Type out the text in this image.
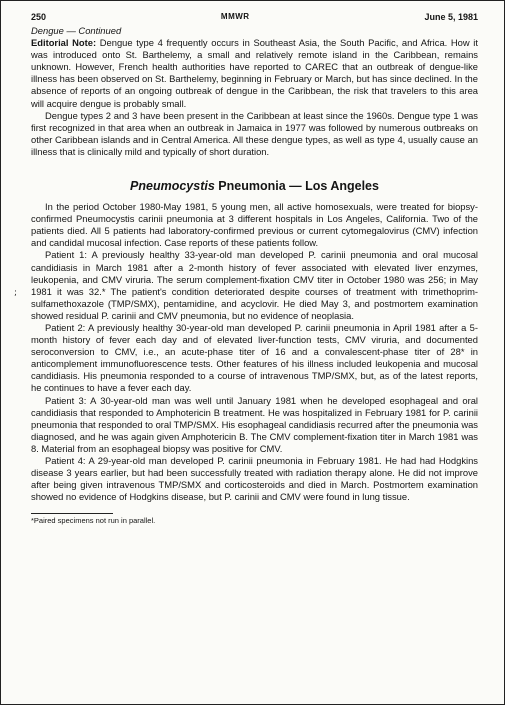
;
250	MMWR	June 5, 1981
Dengue — Continued

Editorial Note: Dengue type 4 frequently occurs in Southeast Asia, the South Pacific, and Africa. How it was introduced onto St. Barthelemy, a small and relatively remote island in the Caribbean, remains unknown. However, French health authorities have reported to CAREC that an outbreak of dengue-like illness has been observed on St. Barthelemy, beginning in February or March, but has since declined. In the absence of reports of an ongoing outbreak of dengue in the Caribbean, the risk that travelers to this area will acquire dengue is probably small.

Dengue types 2 and 3 have been present in the Caribbean at least since the 1960s. Dengue type 1 was first recognized in that area when an outbreak in Jamaica in 1977 was followed by numerous outbreaks on other Caribbean islands and in Central America. All these dengue types, as well as type 4, usually cause an illness that is clinically mild and typically of short duration.

Pneumocystis Pneumonia — Los Angeles

In the period October 1980-May 1981, 5 young men, all active homosexuals, were treated for biopsy-confirmed Pneumocystis carinii pneumonia at 3 different hospitals in Los Angeles, California. Two of the patients died. All 5 patients had laboratory-confirmed previous or current cytomegalovirus (CMV) infection and candidal mucosal infection. Case reports of these patients follow.

Patient 1: A previously healthy 33-year-old man developed P. carinii pneumonia and oral mucosal candidiasis in March 1981 after a 2-month history of fever associated with elevated liver enzymes, leukopenia, and CMV viruria. The serum complement-fixation CMV titer in October 1980 was 256; in May 1981 it was 32.* The patient's condition deteriorated despite courses of treatment with trimethoprim-sulfamethoxazole (TMP/SMX), pentamidine, and acyclovir. He died May 3, and postmortem examination showed residual P. carinii and CMV pneumonia, but no evidence of neoplasia.

Patient 2: A previously healthy 30-year-old man developed P. carinii pneumonia in April 1981 after a 5-month history of fever each day and of elevated liver-function tests, CMV viruria, and documented seroconversion to CMV, i.e., an acute-phase titer of 16 and a convalescent-phase titer of 28* in anticomplement immunofluorescence tests. Other features of his illness included leukopenia and mucosal candidiasis. His pneumonia responded to a course of intravenous TMP/SMX, but, as of the latest reports, he continues to have a fever each day.

Patient 3: A 30-year-old man was well until January 1981 when he developed esophageal and oral candidiasis that responded to Amphotericin B treatment. He was hospitalized in February 1981 for P. carinii pneumonia that responded to oral TMP/SMX. His esophageal candidiasis recurred after the pneumonia was diagnosed, and he was again given Amphotericin B. The CMV complement-fixation titer in March 1981 was 8. Material from an esophageal biopsy was positive for CMV.

Patient 4: A 29-year-old man developed P. carinii pneumonia in February 1981. He had had Hodgkins disease 3 years earlier, but had been successfully treated with radiation therapy alone. He did not improve after being given intravenous TMP/SMX and corticosteroids and died in March. Postmortem examination showed no evidence of Hodgkins disease, but P. carinii and CMV were found in lung tissue.

*Paired specimens not run in parallel.
